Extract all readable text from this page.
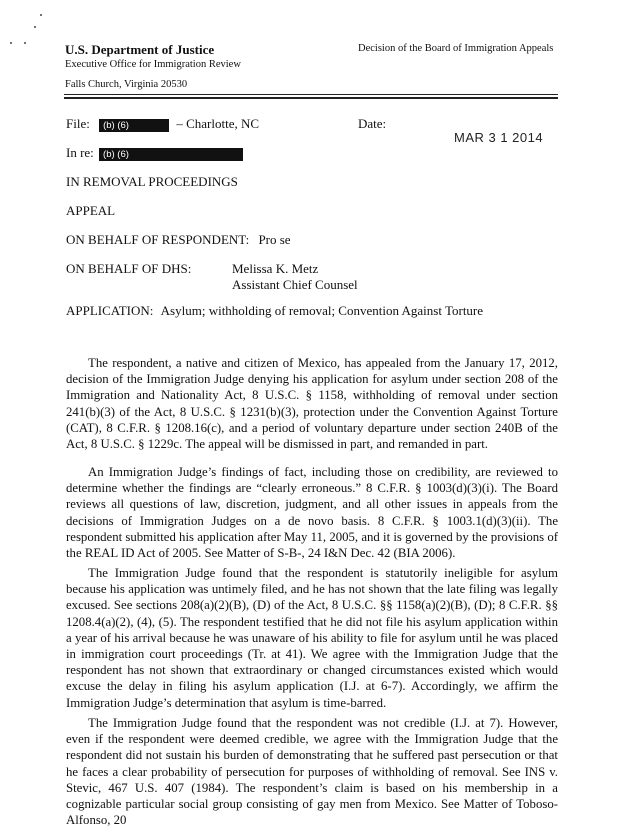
U.S. Department of Justice
Executive Office for Immigration Review
Decision of the Board of Immigration Appeals
Falls Church, Virginia 20530
File: (b) (6)	– Charlotte, NC	Date:
MAR 3 1 2014
In re: (b) (6)
IN REMOVAL PROCEEDINGS
APPEAL
ON BEHALF OF RESPONDENT: Pro se
ON BEHALF OF DHS:	Melissa K. Metz
Assistant Chief Counsel
APPLICATION: Asylum; withholding of removal; Convention Against Torture

The respondent, a native and citizen of Mexico, has appealed from the January 17, 2012, decision of the Immigration Judge denying his application for asylum under section 208 of the Immigration and Nationality Act, 8 U.S.C. § 1158, withholding of removal under section 241(b)(3) of the Act, 8 U.S.C. § 1231(b)(3), protection under the Convention Against Torture (CAT), 8 C.F.R. § 1208.16(c), and a period of voluntary departure under section 240B of the Act, 8 U.S.C. § 1229c. The appeal will be dismissed in part, and remanded in part.

An Immigration Judge’s findings of fact, including those on credibility, are reviewed to determine whether the findings are “clearly erroneous.” 8 C.F.R. § 1003(d)(3)(i). The Board reviews all questions of law, discretion, judgment, and all other issues in appeals from the decisions of Immigration Judges on a de novo basis. 8 C.F.R. § 1003.1(d)(3)(ii). The respondent submitted his application after May 11, 2005, and it is governed by the provisions of the REAL ID Act of 2005. See Matter of S-B-, 24 I&N Dec. 42 (BIA 2006).

The Immigration Judge found that the respondent is statutorily ineligible for asylum because his application was untimely filed, and he has not shown that the late filing was legally excused. See sections 208(a)(2)(B), (D) of the Act, 8 U.S.C. §§ 1158(a)(2)(B), (D); 8 C.F.R. §§ 1208.4(a)(2), (4), (5). The respondent testified that he did not file his asylum application within a year of his arrival because he was unaware of his ability to file for asylum until he was placed in immigration court proceedings (Tr. at 41). We agree with the Immigration Judge that the respondent has not shown that extraordinary or changed circumstances existed which would excuse the delay in filing his asylum application (I.J. at 6-7). Accordingly, we affirm the Immigration Judge’s determination that asylum is time-barred.

The Immigration Judge found that the respondent was not credible (I.J. at 7). However, even if the respondent were deemed credible, we agree with the Immigration Judge that the respondent did not sustain his burden of demonstrating that he suffered past persecution or that he faces a clear probability of persecution for purposes of withholding of removal. See INS v. Stevic, 467 U.S. 407 (1984). The respondent’s claim is based on his membership in a cognizable particular social group consisting of gay men from Mexico. See Matter of Toboso-Alfonso, 20
